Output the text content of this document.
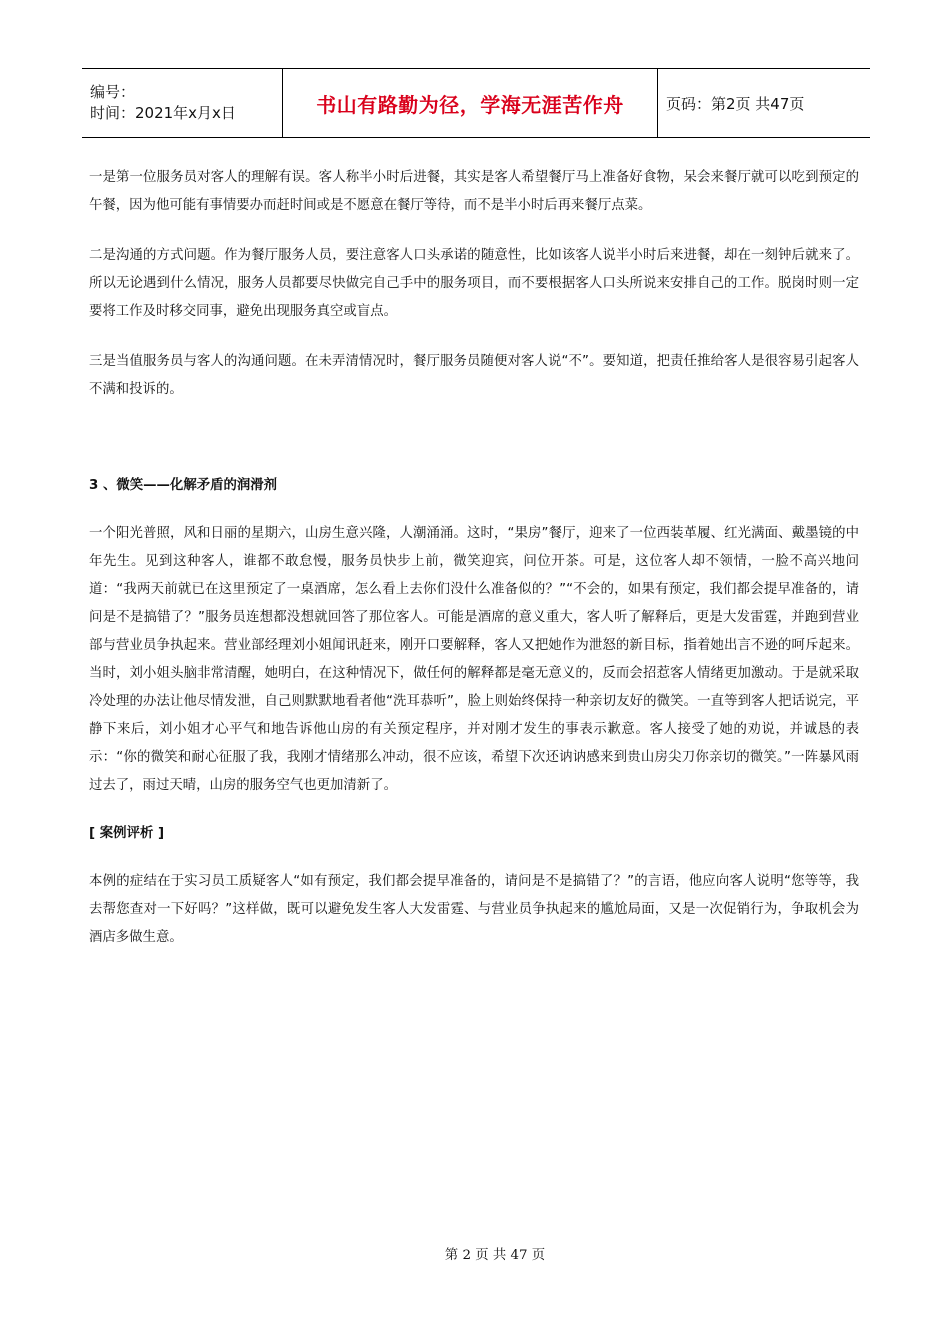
编号：
时间：2021年x月x日	书山有路勤为径，学海无涯苦作舟	页码：第2页 共47页

一是第一位服务员对客人的理解有误。客人称半小时后进餐，其实是客人希望餐厅马上准备好食物，呆会来餐厅就可以吃到预定的午餐，因为他可能有事情要办而赶时间或是不愿意在餐厅等待，而不是半小时后再来餐厅点菜。

二是沟通的方式问题。作为餐厅服务人员，要注意客人口头承诺的随意性，比如该客人说半小时后来进餐，却在一刻钟后就来了。所以无论遇到什么情况，服务人员都要尽快做完自己手中的服务项目，而不要根据客人口头所说来安排自己的工作。脱岗时则一定要将工作及时移交同事，避免出现服务真空或盲点。

三是当值服务员与客人的沟通问题。在未弄清情况时，餐厅服务员随便对客人说“不”。要知道，把责任推给客人是很容易引起客人不满和投诉的。

3 、微笑——化解矛盾的润滑剂

一个阳光普照，风和日丽的星期六，山房生意兴隆，人潮涌涌。这时，“果房”餐厅，迎来了一位西装革履、红光满面、戴墨镜的中年先生。见到这种客人，谁都不敢怠慢，服务员快步上前，微笑迎宾，问位开茶。可是，这位客人却不领情，一脸不高兴地问道：“我两天前就已在这里预定了一桌酒席，怎么看上去你们没什么准备似的？”“不会的，如果有预定，我们都会提早准备的，请问是不是搞错了？”服务员连想都没想就回答了那位客人。可能是酒席的意义重大，客人听了解释后，更是大发雷霆，并跑到营业部与营业员争执起来。营业部经理刘小姐闻讯赶来，刚开口要解释，客人又把她作为泄怒的新目标，指着她出言不逊的呵斥起来。当时，刘小姐头脑非常清醒，她明白，在这种情况下，做任何的解释都是毫无意义的，反而会招惹客人情绪更加激动。于是就采取冷处理的办法让他尽情发泄，自己则默默地看者他“洗耳恭听”，脸上则始终保持一种亲切友好的微笑。一直等到客人把话说完，平静下来后，刘小姐才心平气和地告诉他山房的有关预定程序，并对刚才发生的事表示歉意。客人接受了她的劝说，并诚恳的表示：“你的微笑和耐心征服了我，我刚才情绪那么冲动，很不应该，希望下次还讷讷感来到贵山房尖刀你亲切的微笑。”一阵暴风雨过去了，雨过天晴，山房的服务空气也更加清新了。

[ 案例评析 ]

本例的症结在于实习员工质疑客人“如有预定，我们都会提早准备的，请问是不是搞错了？”的言语，他应向客人说明“您等等，我去帮您查对一下好吗？”这样做，既可以避免发生客人大发雷霆、与营业员争执起来的尴尬局面，又是一次促销行为，争取机会为酒店多做生意。

第 2 页 共 47 页
